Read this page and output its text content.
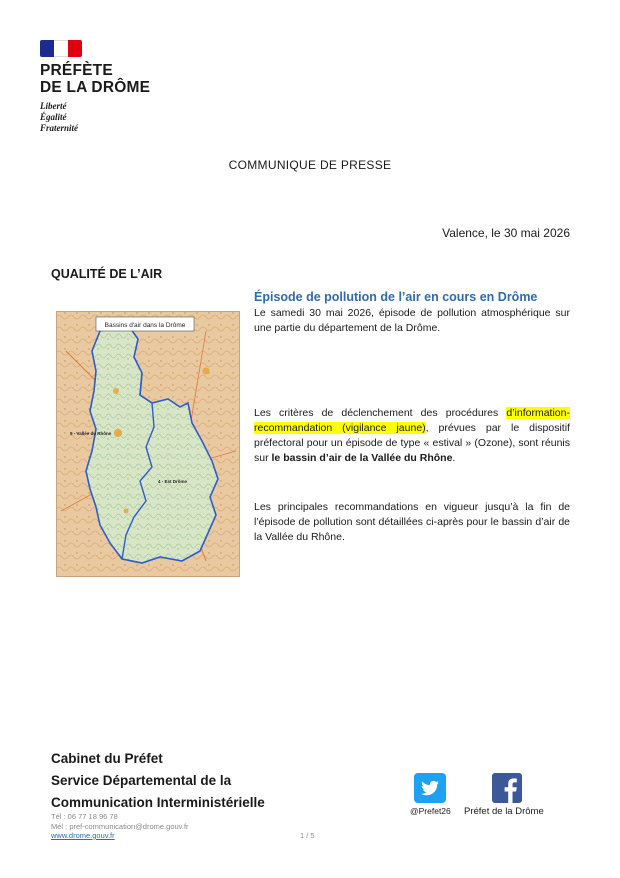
PRÉFÈTE
DE LA DRÔME
Liberté
Égalité
Fraternité
COMMUNIQUE DE PRESSE
Valence, le 30 mai 2026
QUALITÉ DE L’AIR
Bassins d'air dans la Drôme
9 - Vallée du Rhône
4 - Est Drôme
Épisode de pollution de l’air en cours en Drôme
Le samedi 30 mai 2026, épisode de pollution atmosphérique sur une partie du département de la Drôme.
Les critères de déclenchement des procédures d’information-recommandation (vigilance jaune), prévues par le dispositif préfectoral pour un épisode de type « estival » (Ozone), sont réunis sur le bassin d’air de la Vallée du Rhône.
Les principales recommandations en vigueur jusqu’à la fin de l’épisode de pollution sont détaillées ci-après pour le bassin d’air de la Vallée du Rhône.
Cabinet du Préfet
Service Départemental de la
Communication Interministérielle
Tél : 06 77 18 96 78
Mél : pref-communication@drome.gouv.fr
www.drome.gouv.fr	1 / 5
@Prefet26 Préfet de la Drôme
